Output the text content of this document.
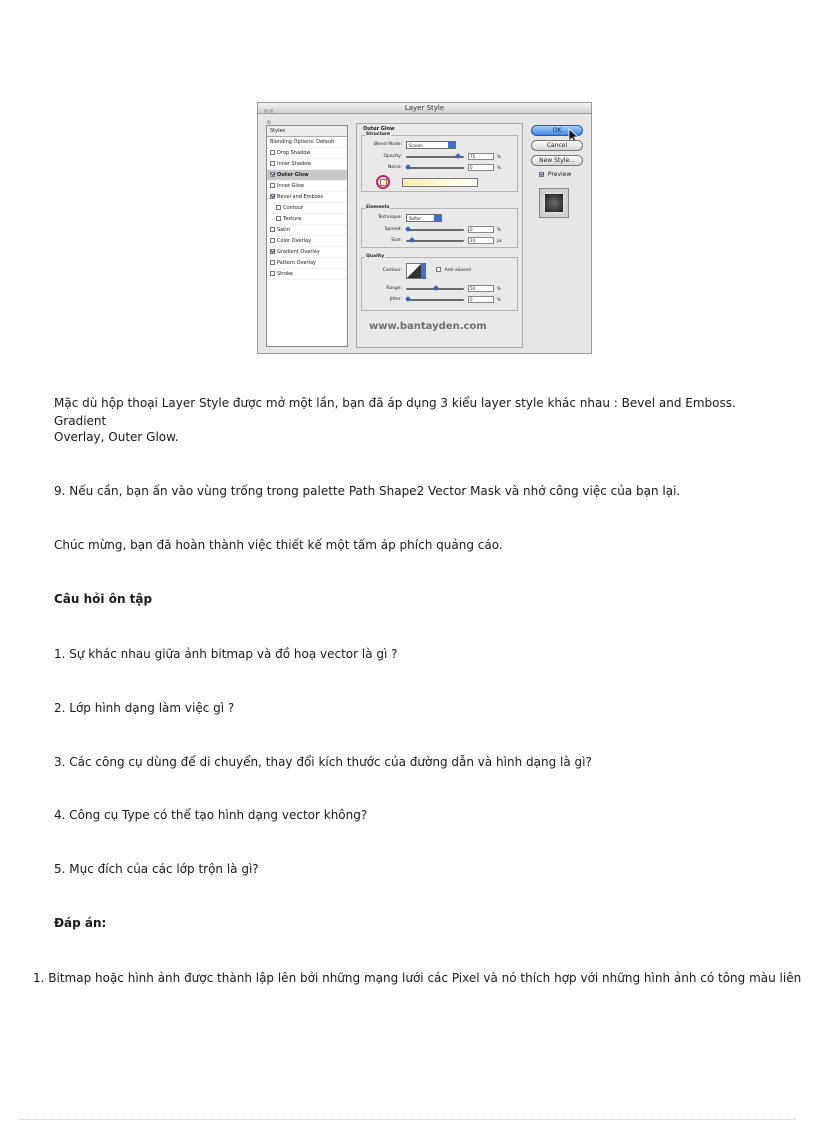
Layer Style
Styles
Blending Options: Default
Drop Shadow
Inner Shadow
Outer Glow
Inner Glow
Bevel and Emboss
Contour
Texture
Satin
Color Overlay
Gradient Overlay
Pattern Overlay
Stroke
Outer Glow
Structure
Blend Mode:	Screen
Opacity:	75	%
Noise:	0	%
Elements
Technique:	Softer
Spread:	0	%
Size:	24	px
Quality
Contour:	Anti-aliased
Range:	50	%
Jitter:	0	%
www.bantayden.com
OK
Cancel
New Style...
Preview
Mặc dù hộp thoại Layer Style được mở một lần, bạn đã áp dụng 3 kiểu layer style khác nhau : Bevel and Emboss. Gradient
Overlay, Outer Glow.
9. Nếu cần, bạn ấn vào vùng trống trong palette Path Shape2 Vector Mask và nhớ công việc của bạn lại.
Chúc mừng, bạn đã hoàn thành việc thiết kế một tấm áp phích quảng cáo.
Câu hỏi ôn tập
1. Sự khác nhau giữa ảnh bitmap và đồ hoạ vector là gì ?
2. Lớp hình dạng làm việc gì ?
3. Các công cụ dùng để di chuyển, thay đổi kích thước của đường dẫn và hình dạng là gì?
4. Công cụ Type có thể tạo hình dạng vector không?
5. Mục đích của các lớp trộn là gì?
Đáp án:
1. Bitmap hoặc hình ảnh được thành lập lên bởi những mạng lưới các Pixel và nó thích hợp với những hình ảnh có tông màu liên
